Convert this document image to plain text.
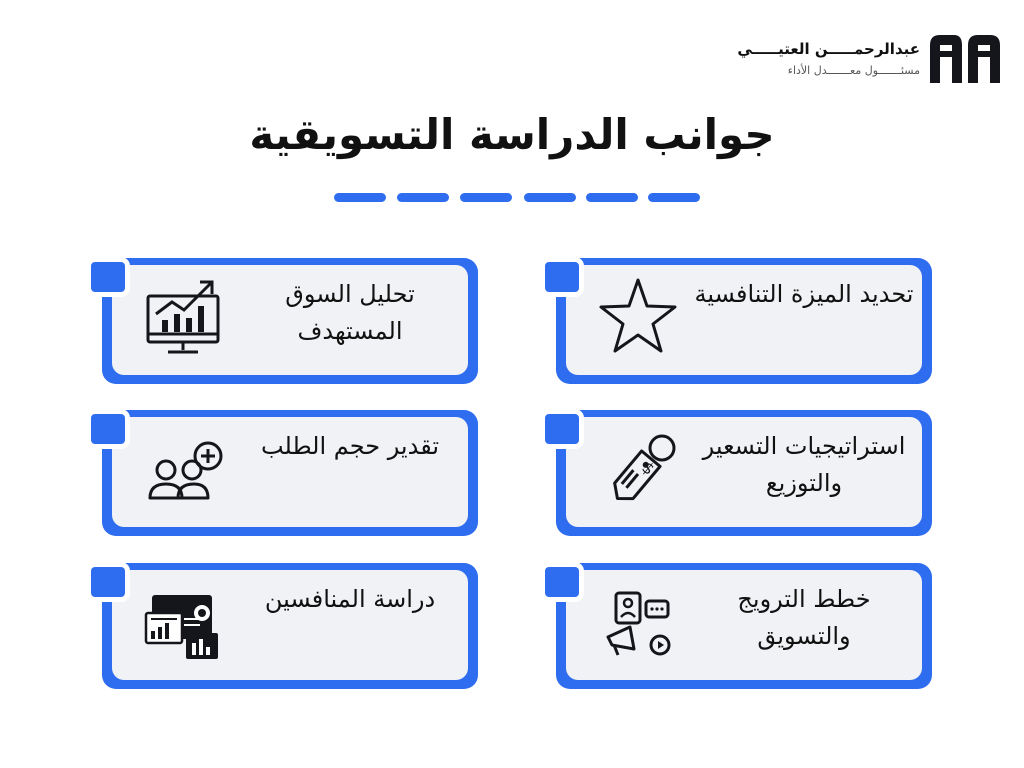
عبدالرحمـــــن العتيـــــي
مسئـــــــول معـــــــدل الأداء
جوانب الدراسة التسويقية
تحديد الميزة التنافسية
تحليل السوق المستهدف
$
استراتيجيات التسعير والتوزيع
تقدير حجم الطلب
خطط الترويج والتسويق
دراسة المنافسين
